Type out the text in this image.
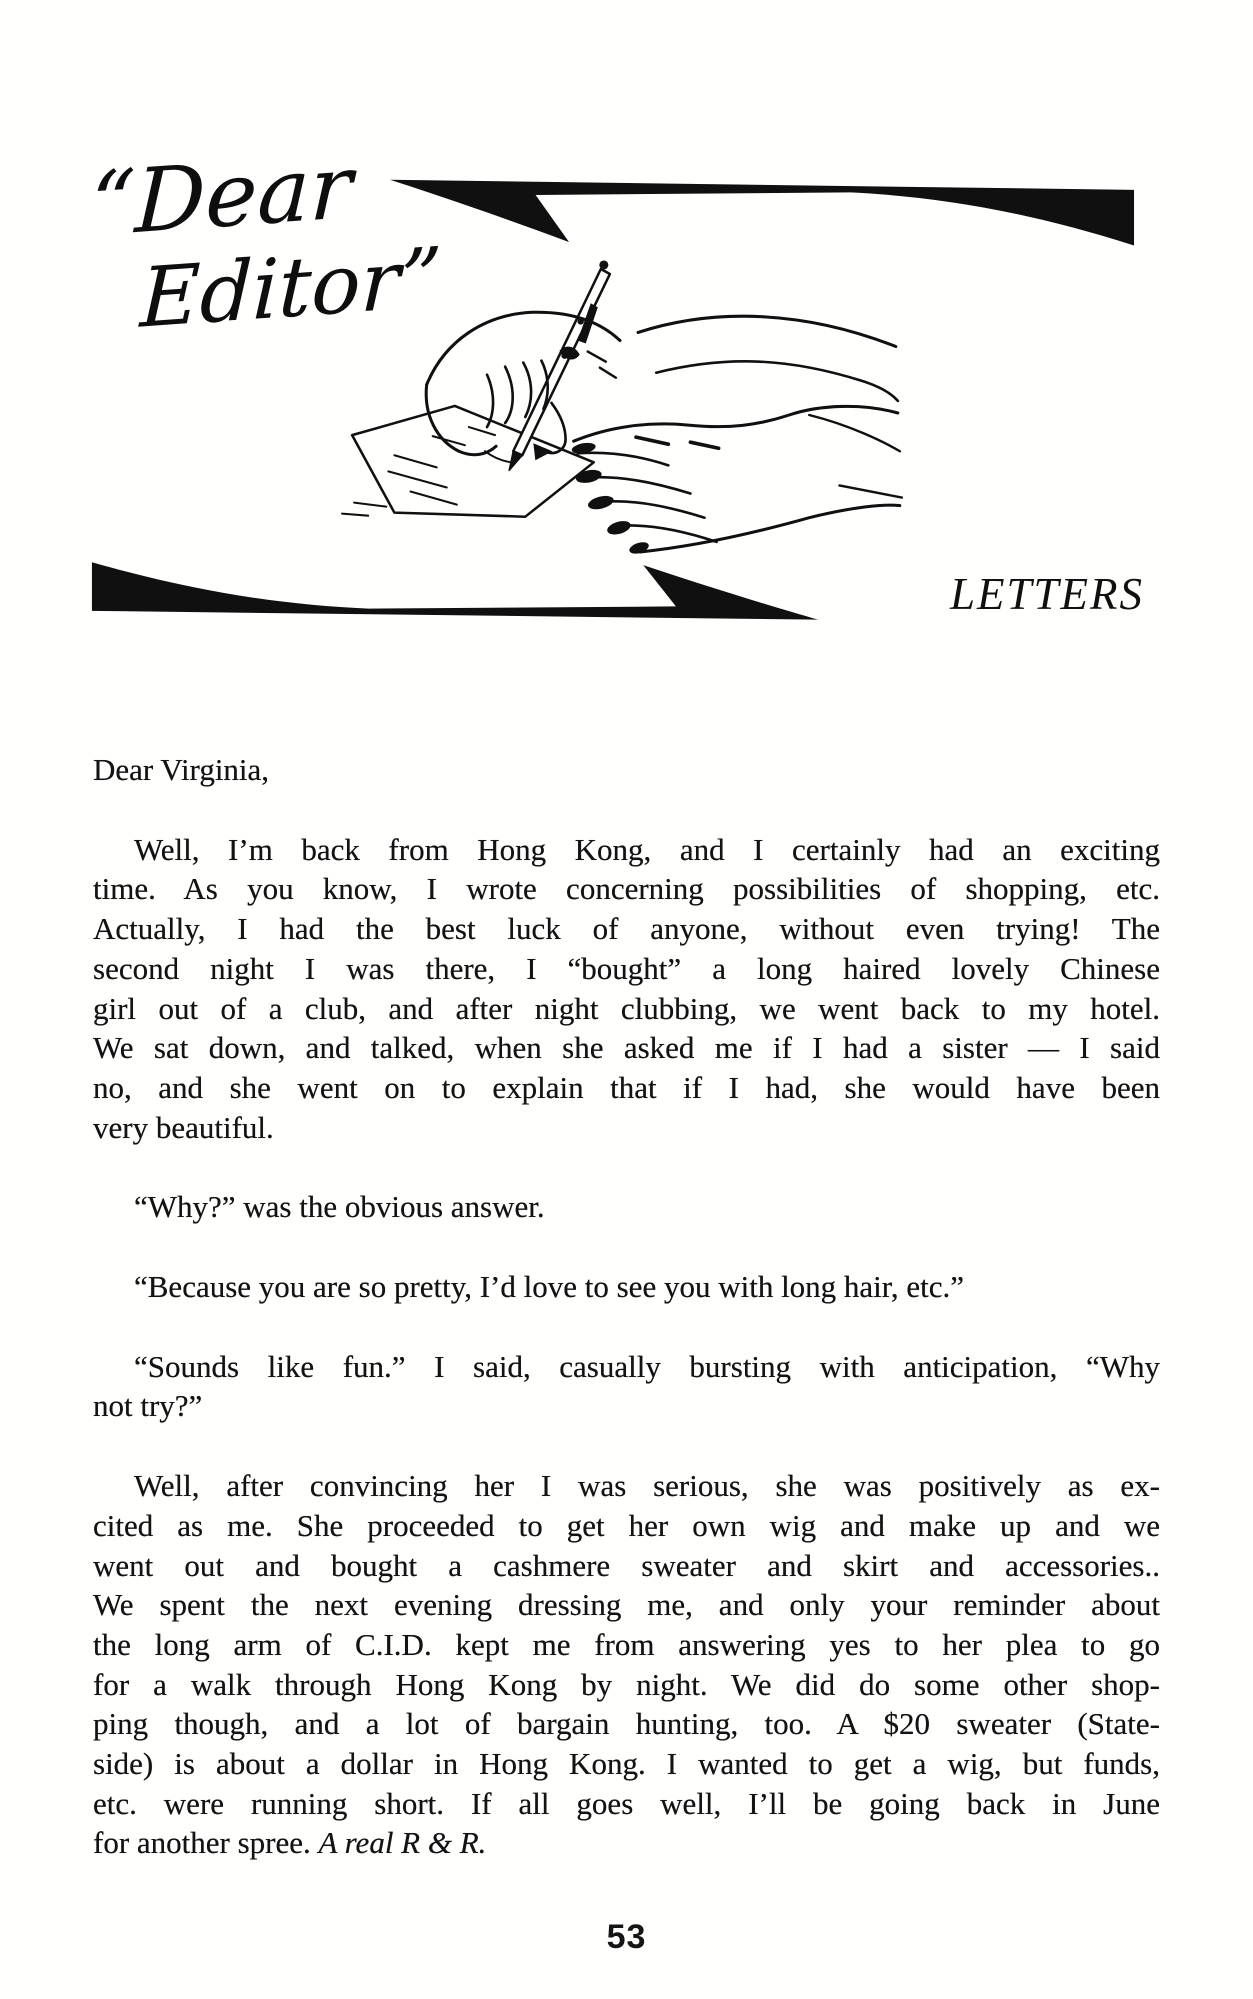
“Dear
Editor”
LETTERS
Dear Virginia,
Well, I’m back from Hong Kong, and I certainly had an exciting
time. As you know, I wrote concerning possibilities of shopping, etc.
Actually, I had the best luck of anyone, without even trying! The
second night I was there, I “bought” a long haired lovely Chinese
girl out of a club, and after night clubbing, we went back to my hotel.
We sat down, and talked, when she asked me if I had a sister — I said
no, and she went on to explain that if I had, she would have been
very beautiful.
“Why?” was the obvious answer.
“Because you are so pretty, I’d love to see you with long hair, etc.”
“Sounds like fun.” I said, casually bursting with anticipation, “Why
not try?”
Well, after convincing her I was serious, she was positively as ex-
cited as me. She proceeded to get her own wig and make up and we
went out and bought a cashmere sweater and skirt and accessories..
We spent the next evening dressing me, and only your reminder about
the long arm of C.I.D. kept me from answering yes to her plea to go
for a walk through Hong Kong by night. We did do some other shop-
ping though, and a lot of bargain hunting, too. A $20 sweater (State-
side) is about a dollar in Hong Kong. I wanted to get a wig, but funds,
etc. were running short. If all goes well, I’ll be going back in June
for another spree. A real R & R.
53
